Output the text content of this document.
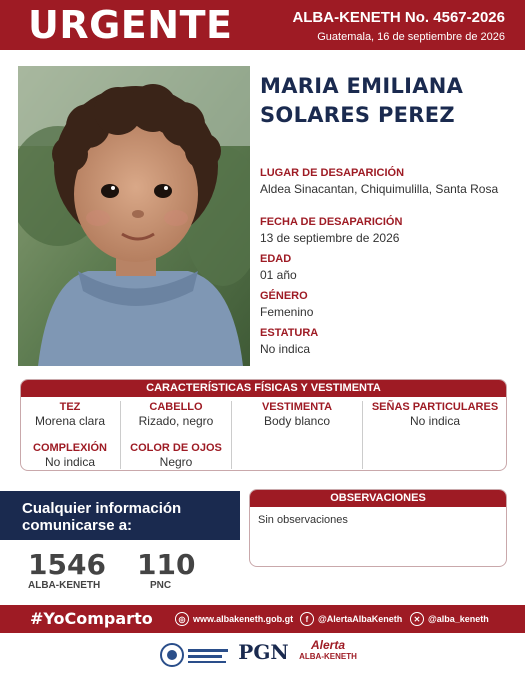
URGENTE	ALBA-KENETH No. 4567-2026
Guatemala, 16 de septiembre de 2026
MARIA EMILIANA
SOLARES PEREZ
LUGAR DE DESAPARICIÓN
Aldea Sinacantan, Chiquimulilla, Santa Rosa
FECHA DE DESAPARICIÓN
13 de septiembre de 2026
EDAD
01 año
GÉNERO
Femenino
ESTATURA
No indica
CARACTERÍSTICAS FÍSICAS Y VESTIMENTA
TEZ
Morena clara
CABELLO
Rizado, negro
VESTIMENTA
Body blanco
SEÑAS PARTICULARES
No indica
COMPLEXIÓN
No indica
COLOR DE OJOS
Negro
Cualquier información
comunicarse a:
1546
ALBA-KENETH
110
PNC
OBSERVACIONES
Sin observaciones
#YoComparto	◎ www.albakeneth.gob.gt	f	@AlertaAlbaKeneth	✕ @alba_keneth
PGN	Alerta
ALBA-KENETH
